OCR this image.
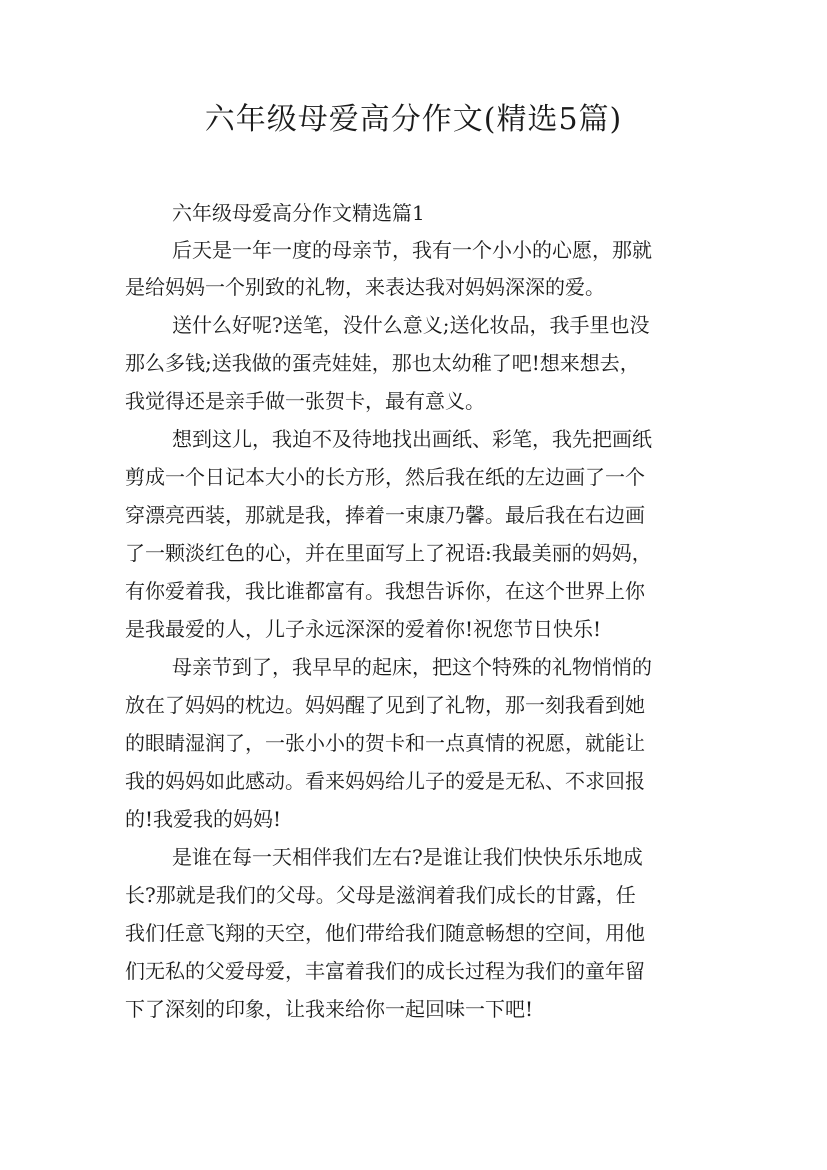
六年级母爱高分作文(精选5篇)

六年级母爱高分作文精选篇1

后天是一年一度的母亲节，我有一个小小的心愿，那就

是给妈妈一个别致的礼物，来表达我对妈妈深深的爱。

送什么好呢?送笔，没什么意义;送化妆品，我手里也没

那么多钱;送我做的蛋壳娃娃，那也太幼稚了吧!想来想去，

我觉得还是亲手做一张贺卡，最有意义。

想到这儿，我迫不及待地找出画纸、彩笔，我先把画纸

剪成一个日记本大小的长方形，然后我在纸的左边画了一个

穿漂亮西装，那就是我，捧着一束康乃馨。最后我在右边画

了一颗淡红色的心，并在里面写上了祝语:我最美丽的妈妈，

有你爱着我，我比谁都富有。我想告诉你，在这个世界上你

是我最爱的人，儿子永远深深的爱着你!祝您节日快乐!

母亲节到了，我早早的起床，把这个特殊的礼物悄悄的

放在了妈妈的枕边。妈妈醒了见到了礼物，那一刻我看到她

的眼睛湿润了，一张小小的贺卡和一点真情的祝愿，就能让

我的妈妈如此感动。看来妈妈给儿子的爱是无私、不求回报

的!我爱我的妈妈!

是谁在每一天相伴我们左右?是谁让我们快快乐乐地成

长?那就是我们的父母。父母是滋润着我们成长的甘露，任

我们任意飞翔的天空，他们带给我们随意畅想的空间，用他

们无私的父爱母爱，丰富着我们的成长过程为我们的童年留

下了深刻的印象，让我来给你一起回味一下吧!
